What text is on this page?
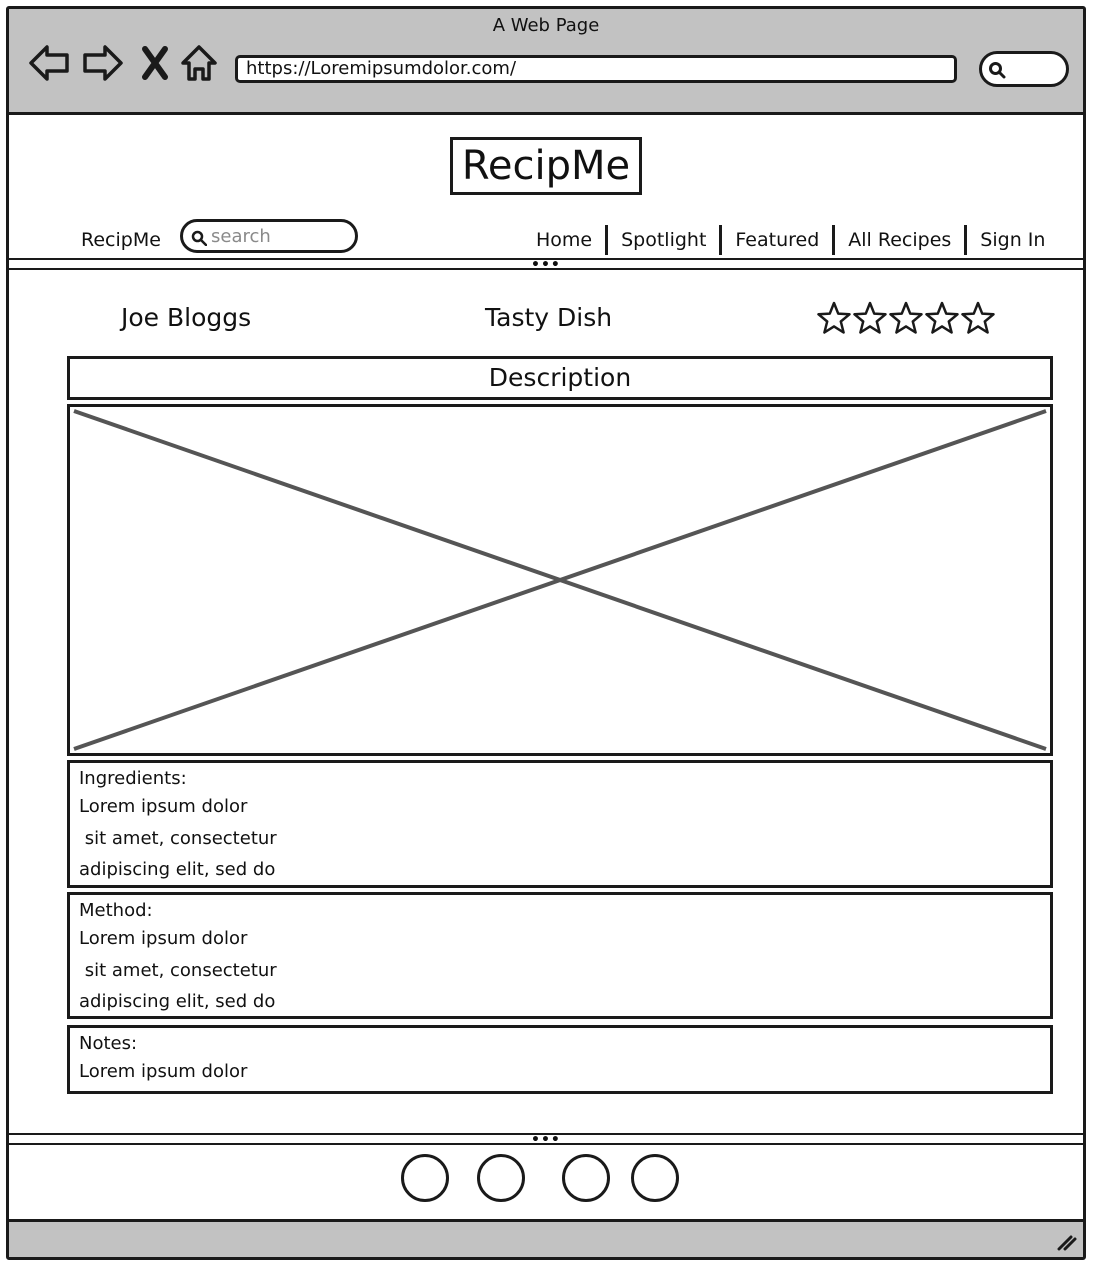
A Web Page
https://Loremipsumdolor.com/
RecipMe
RecipMe
search	Home	Spotlight	Featured	All Recipes	Sign In
•••
Joe Bloggs	Tasty Dish
Description
Ingredients:
Lorem ipsum dolor
sit amet, consectetur
adipiscing elit, sed do
Method:
Lorem ipsum dolor
sit amet, consectetur
adipiscing elit, sed do
Notes:
Lorem ipsum dolor
•••
